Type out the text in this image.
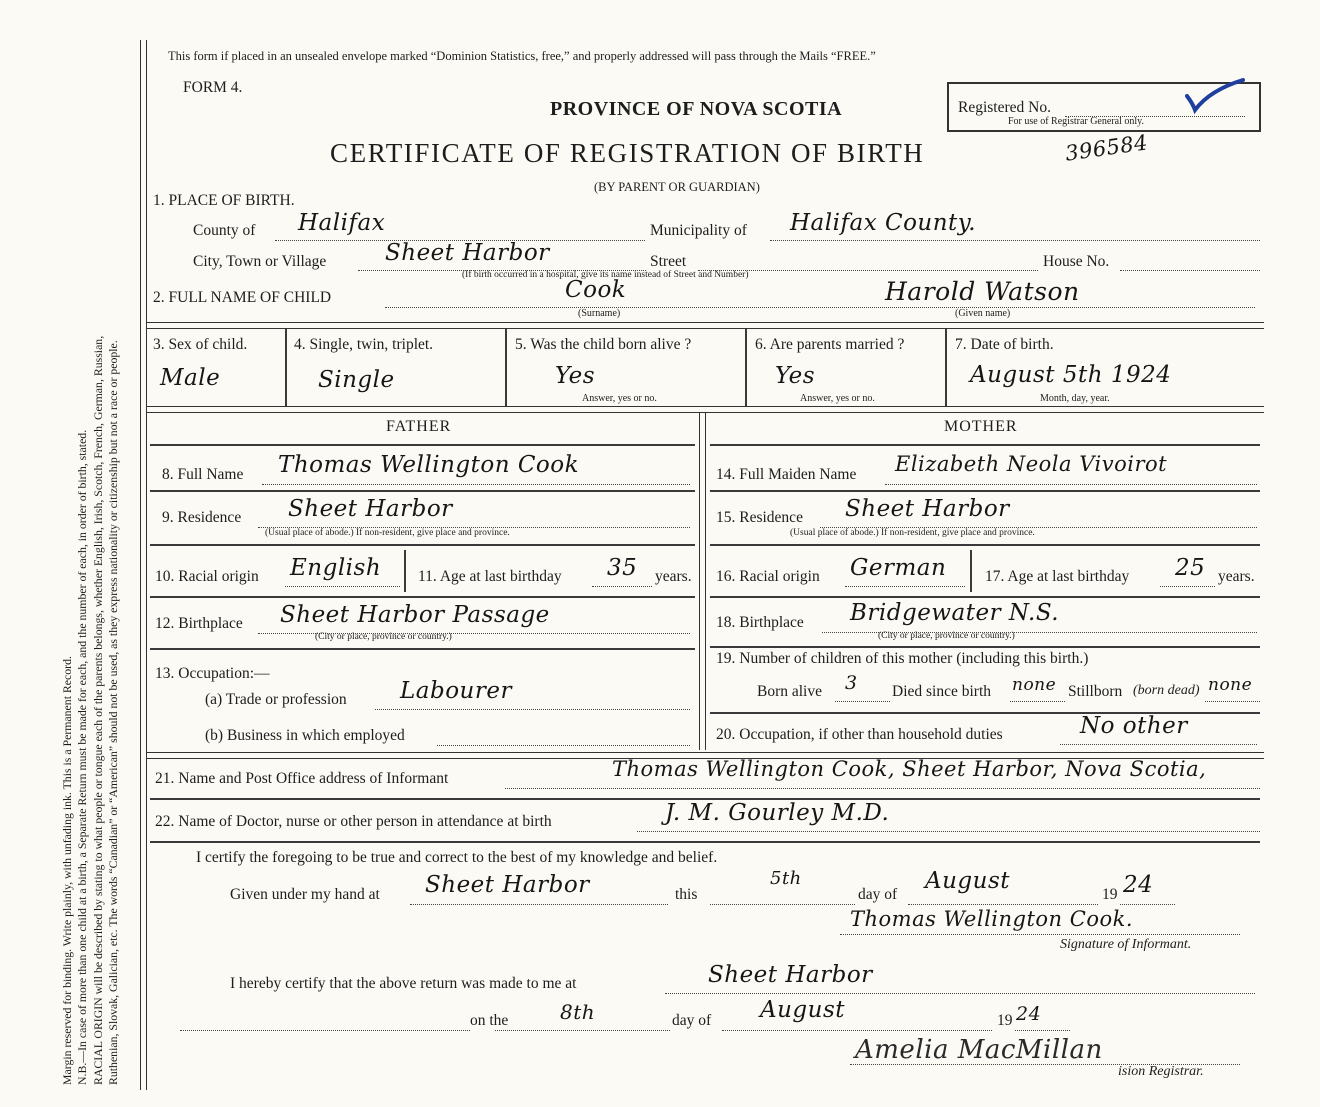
Margin reserved for binding. Write plainly, with unfading ink. This is a Permanent Record. N.B.—In case of more than one child at a birth, a Separate Return must be made for each, and the number of each, in order of birth, stated. RACIAL ORIGIN will be described by stating to what people or tongue each of the parents belongs, whether English, Irish, Scotch, French, German, Russian, Ruthenian, Slovak, Galician, etc. The words “Canadian” or “American” should not be used, as they express nationality or citizenship but not a race or people.
This form if placed in an unsealed envelope marked “Dominion Statistics, free,” and properly addressed will pass through the Mails “FREE.”
FORM 4.
PROVINCE OF NOVA SCOTIA
CERTIFICATE OF REGISTRATION OF BIRTH
(BY PARENT OR GUARDIAN)
Registered No.
For use of Registrar General only.
396584
1. PLACE OF BIRTH.
County of Halifax	Municipality of Halifax County.
City, Town or Village	Sheet Harbor	Street	House No.
(If birth occurred in a hospital, give its name instead of Street and Number)
2. FULL NAME OF CHILD	Cook
(Surname)
Harold Watson
(Given name)
3. Sex of child.
Male
4. Single, twin, triplet.
Single
5. Was the child born alive ?
Yes
Answer, yes or no.
6. Are parents married ?
Yes
Answer, yes or no.
7. Date of birth.
August 5th 1924
Month, day, year.
FATHER	MOTHER
8. Full Name Thomas Wellington Cook
9. Residence Sheet Harbor
(Usual place of abode.) If non-resident, give place and province.
10. Racial origin English 11. Age at last birthday 35 years.
12. Birthplace Sheet Harbor Passage
(City or place, province or country.)
13. Occupation:—
(a) Trade or profession Labourer
(b) Business in which employed
14. Full Maiden Name Elizabeth Neola Vivoirot
15. Residence Sheet Harbor
(Usual place of abode.) If non-resident, give place and province.
16. Racial origin German 17. Age at last birthday 25 years.
18. Birthplace Bridgewater N.S.
(City or place, province or country.)
19. Number of children of this mother (including this birth.)
Born alive 3 Died since birth none Stillborn (born dead) none
20. Occupation, if other than household duties	No other
21. Name and Post Office address of Informant	Thomas Wellington Cook, Sheet Harbor, Nova Scotia,
22. Name of Doctor, nurse or other person in attendance at birth	J. M. Gourley M.D.
I certify the foregoing to be true and correct to the best of my knowledge and belief.
Given under my hand at Sheet Harbor	this
5th
day of
August
19 24
Thomas Wellington Cook.
Signature of Informant.
I hereby certify that the above return was made to me at	Sheet Harbor
on the	8th	day of August	19 24
Amelia MacMillan
ision Registrar.
